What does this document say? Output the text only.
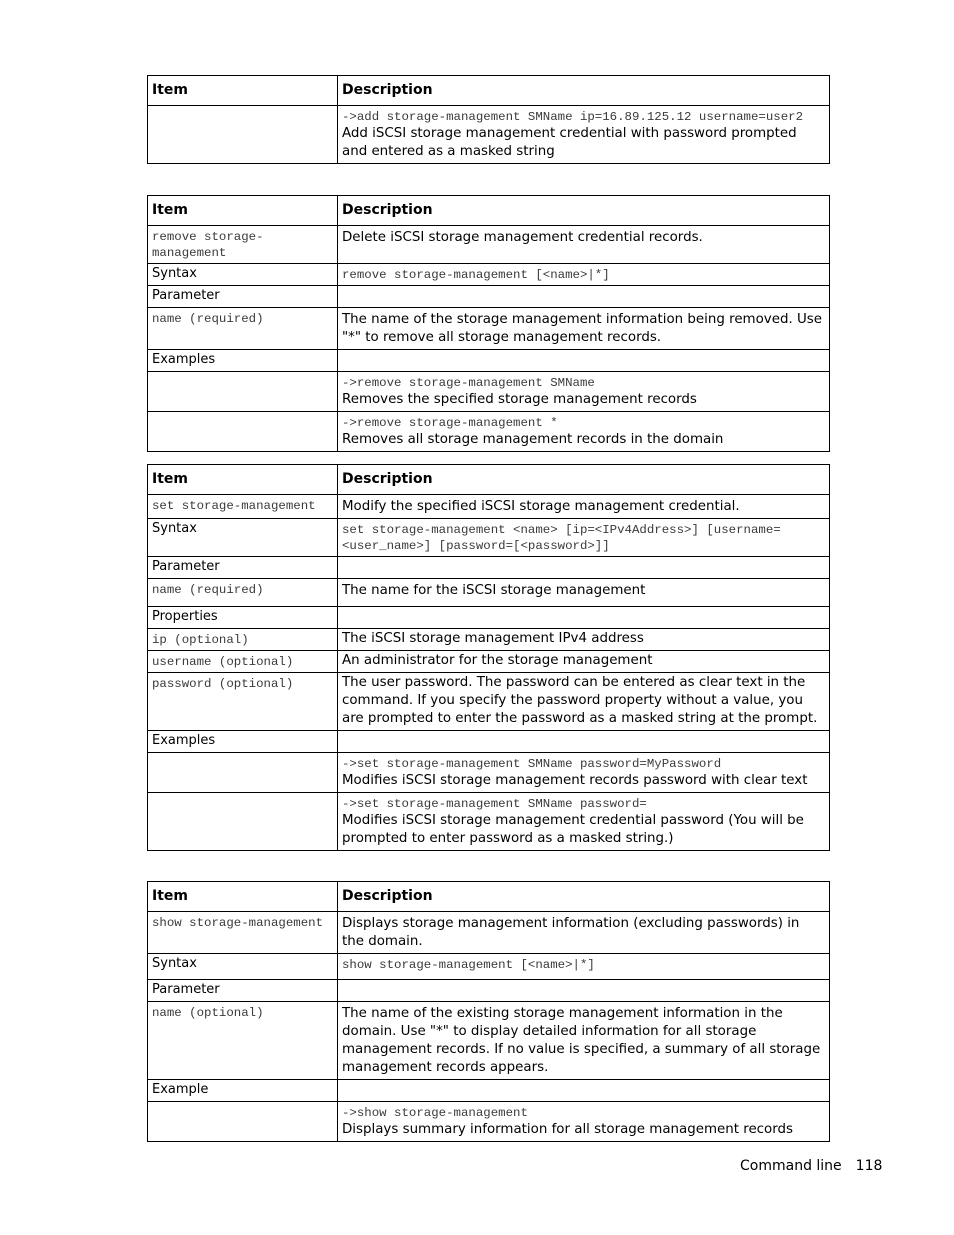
Item	Description

	->add storage-management SMName ip=16.89.125.12 username=user2
Add iSCSI storage management credential with password prompted and entered as a masked string
Item	Description

remove storage-management	Delete iSCSI storage management credential records.
Syntax	remove storage-management [<name>|*]

Parameter	

name (required)	The name of the storage management information being removed. Use "*" to remove all storage management records.
Examples	

	->remove storage-management SMName
Removes the specified storage management records

	->remove storage-management *
Removes all storage management records in the domain
Item	Description

set storage-management	Modify the specified iSCSI storage management credential.
Syntax	set storage-management <name> [ip=<IPv4Address>] [username=<user_name>] [password=[<password>]]

Parameter	

name (required)	The name for the iSCSI storage management
Properties	

ip (optional)	The iSCSI storage management IPv4 address

username (optional)	An administrator for the storage management

password (optional)	The user password. The password can be entered as clear text in the command. If you specify the password property without a value, you are prompted to enter the password as a masked string at the prompt.
Examples	

	->set storage-management SMName password=MyPassword
Modifies iSCSI storage management records password with clear text

	->set storage-management SMName password=
Modifies iSCSI storage management credential password (You will be prompted to enter password as a masked string.)
Item	Description

show storage-management	Displays storage management information (excluding passwords) in the domain.
Syntax	show storage-management [<name>|*]

Parameter	

name (optional)	The name of the existing storage management information in the domain. Use "*" to display detailed information for all storage management records. If no value is specified, a summary of all storage management records appears.
Example	

	->show storage-management
Displays summary information for all storage management records
Command line 118
